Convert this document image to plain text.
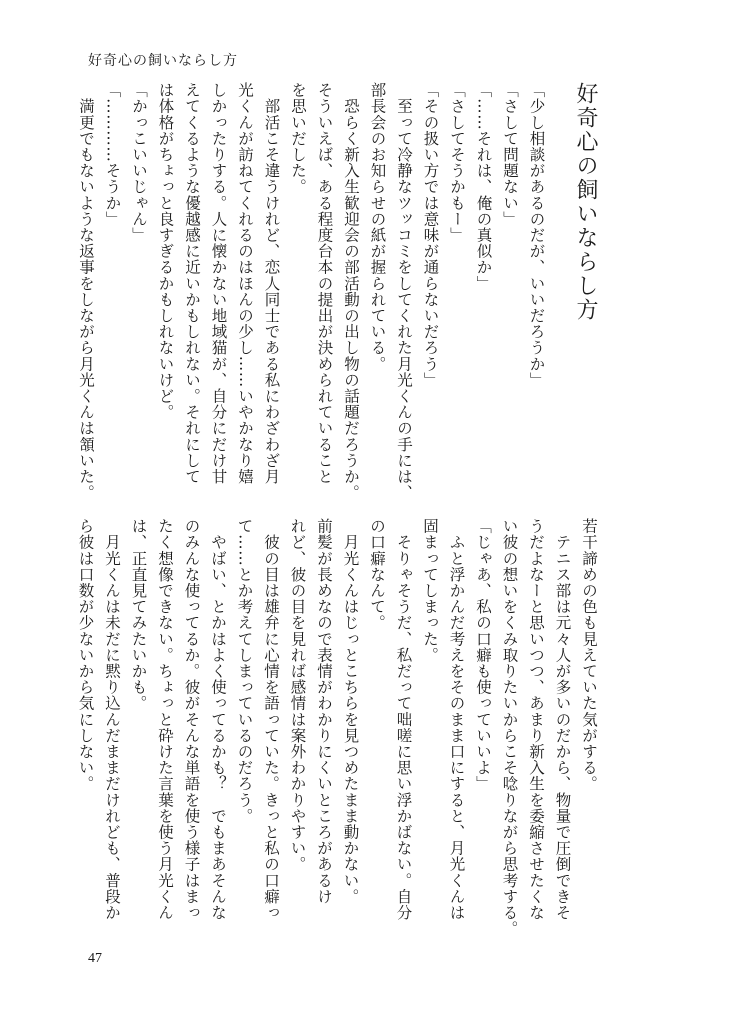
好奇心の飼いならし方
好奇心の飼いならし方
「少し相談があるのだが、いいだろうか」
「さして問題ない」
「……それは、俺の真似か」
「さしてそうかもー」
「その扱い方では意味が通らないだろう」
　至って冷静なツッコミをしてくれた月光くんの手には、
部長会のお知らせの紙が握られている。
　恐らく新入生歓迎会の部活動の出し物の話題だろうか。
そういえば、ある程度台本の提出が決められていること
を思いだした。
　部活こそ違うけれど、恋人同士である私にわざわざ月
光くんが訪ねてくれるのはほんの少し……いやかなり嬉
しかったりする。人に懐かない地域猫が、自分にだけ甘
えてくるような優越感に近いかもしれない。それにして
は体格がちょっと良すぎるかもしれないけど。
「かっこいいじゃん」
「…………そうか」
　満更でもないような返事をしながら月光くんは頷いた。
若干諦めの色も見えていた気がする。
　テニス部は元々人が多いのだから、物量で圧倒できそ
うだよなーと思いつつ、あまり新入生を委縮させたくな
い彼の想いをくみ取りたいからこそ唸りながら思考する。
「じゃあ、私の口癖も使っていいよ」
　ふと浮かんだ考えをそのまま口にすると、月光くんは
固まってしまった。
　そりゃそうだ、私だって咄嗟に思い浮かばない。自分
の口癖なんて。
　月光くんはじっとこちらを見つめたまま動かない。
前髪が長めなので表情がわかりにくいところがあるけ
れど、彼の目を見れば感情は案外わかりやすい。
　彼の目は雄弁に心情を語っていた。きっと私の口癖っ
て……とか考えてしまっているのだろう。
　やばい、とかはよく使ってるかも？　でもまあそんな
のみんな使ってるか。彼がそんな単語を使う様子はまっ
たく想像できない。ちょっと砕けた言葉を使う月光くん
は、正直見てみたいかも。
　月光くんは未だに黙り込んだままだけれども、普段か
ら彼は口数が少ないから気にしない。
47
